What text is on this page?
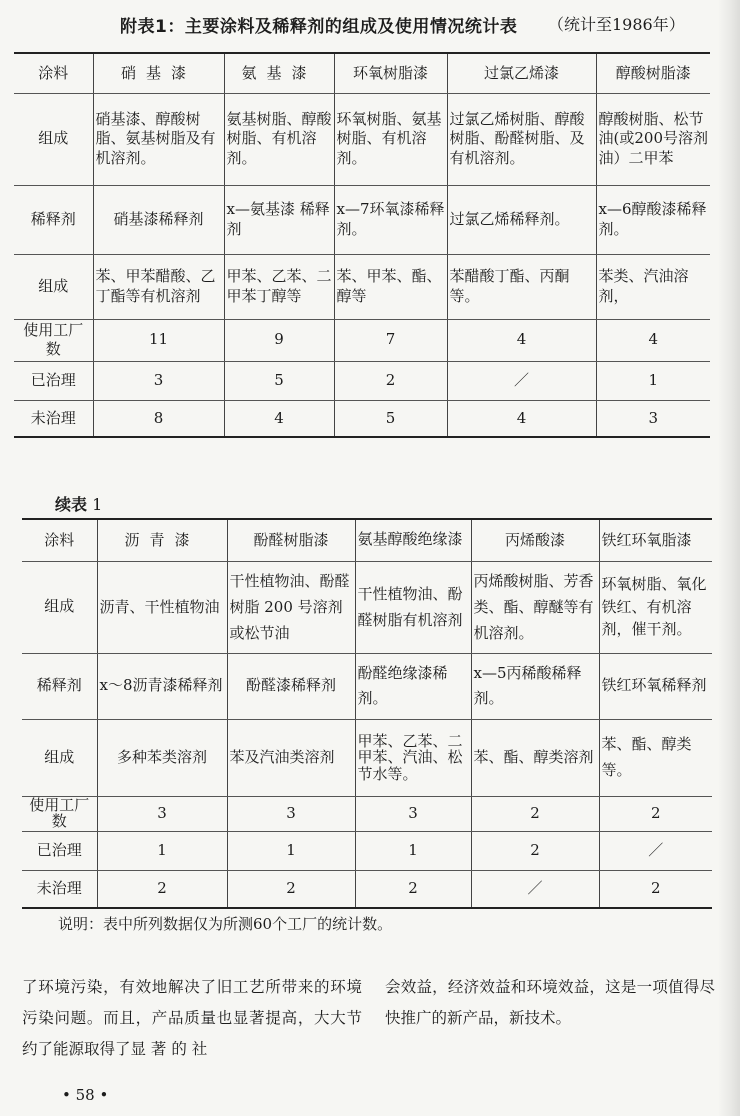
附表1：主要涂料及稀释剂的组成及使用情况统计表 （统计至1986年）
涂料	硝基漆	氨基漆	环氧树脂漆	过氯乙烯漆	醇酸树脂漆
组成	硝基漆、醇酸树脂、氨基树脂及有机溶剂。	氨基树脂、醇酸树脂、有机溶剂。	环氧树脂、氨基树脂、有机溶剂。	过氯乙烯树脂、醇酸树脂、酚醛树脂、及有机溶剂。	醇酸树脂、松节油(或200号溶剂油）二甲苯
稀释剂	硝基漆稀释剂	x—氨基漆 稀释剂	x—7环氧漆稀释剂。	过氯乙烯稀释剂。	x—6醇酸漆稀释剂。
组成	苯、甲苯醋酸、乙丁酯等有机溶剂	甲苯、乙苯、二甲苯丁醇等	苯、甲苯、酯、醇等	苯醋酸丁酯、丙酮等。	苯类、汽油溶剂，
使用工厂数	11	9	7	4	4
已治理	3	5	2	／	1
未治理	8	4	5	4	3
续表 1
涂料	沥青漆	酚醛树脂漆	氨基醇酸绝缘漆	丙烯酸漆	铁红环氧脂漆
组成	沥青、干性植物油	干性植物油、酚醛树脂 200 号溶剂或松节油	干性植物油、酚醛树脂有机溶剂	丙烯酸树脂、芳香类、酯、醇醚等有机溶剂。	环氧树脂、氧化铁红、有机溶剂，催干剂。
稀释剂	x～8沥青漆稀释剂	酚醛漆稀释剂	酚醛绝缘漆稀剂。	x—5丙稀酸稀释剂。	铁红环氧稀释剂
组成	多种苯类溶剂	苯及汽油类溶剂	甲苯、乙苯、二甲苯、汽油、松节水等。	苯、酯、醇类溶剂	苯、酯、醇类等。
使用工厂数	3	3	3	2	2
已治理	1	1	1	2	／
未治理	2	2	2	／	2
说明：表中所列数据仅为所测60个工厂的统计数。
了环境污染，有效地解决了旧工艺所带来的环境污染问题。而且，产品质量也显著提高，大大节约了能源取得了显 著 的 社
会效益，经济效益和环境效益，这是一项值得尽快推广的新产品，新技术。
• 58 •
